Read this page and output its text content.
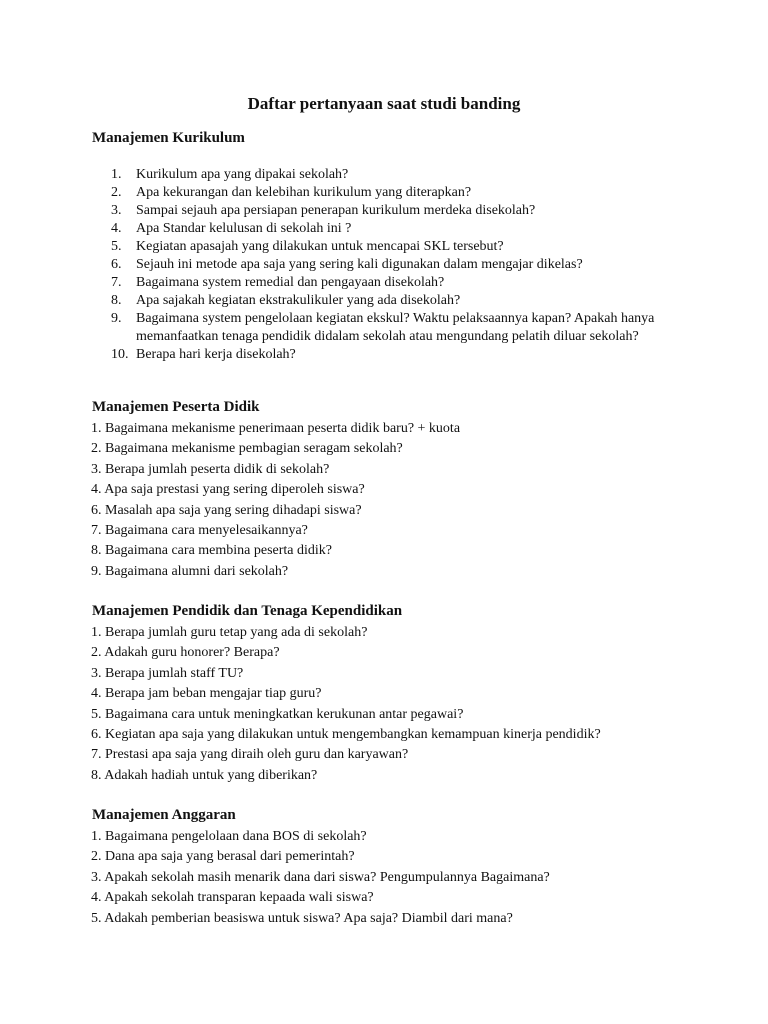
Daftar pertanyaan saat studi banding
Manajemen Kurikulum
1. Kurikulum apa yang dipakai sekolah?
2. Apa kekurangan dan kelebihan kurikulum yang diterapkan?
3. Sampai sejauh apa persiapan penerapan kurikulum merdeka disekolah?
4. Apa Standar kelulusan di sekolah ini ?
5. Kegiatan apasajah yang dilakukan untuk mencapai SKL tersebut?
6. Sejauh ini metode apa saja yang sering kali digunakan dalam mengajar dikelas?
7. Bagaimana system remedial dan pengayaan disekolah?
8. Apa sajakah kegiatan ekstrakulikuler yang ada disekolah?
9. Bagaimana system pengelolaan kegiatan ekskul? Waktu pelaksaannya kapan? Apakah hanya memanfaatkan tenaga pendidik didalam sekolah atau mengundang pelatih diluar sekolah?
10. Berapa hari kerja disekolah?
Manajemen Peserta Didik
1. Bagaimana mekanisme penerimaan peserta didik baru? + kuota
2. Bagaimana mekanisme pembagian seragam sekolah?
3. Berapa jumlah peserta didik di sekolah?
4. Apa saja prestasi yang sering diperoleh siswa?
6. Masalah apa saja yang sering dihadapi siswa?
7. Bagaimana cara menyelesaikannya?
8. Bagaimana cara membina peserta didik?
9. Bagaimana alumni dari sekolah?
Manajemen Pendidik dan Tenaga Kependidikan
1. Berapa jumlah guru tetap yang ada di sekolah?
2. Adakah guru honorer? Berapa?
3. Berapa jumlah staff TU?
4. Berapa jam beban mengajar tiap guru?
5. Bagaimana cara untuk meningkatkan kerukunan antar pegawai?
6. Kegiatan apa saja yang dilakukan untuk mengembangkan kemampuan kinerja pendidik?
7. Prestasi apa saja yang diraih oleh guru dan karyawan?
8. Adakah hadiah untuk yang diberikan?
Manajemen Anggaran
1. Bagaimana pengelolaan dana BOS di sekolah?
2. Dana apa saja yang berasal dari pemerintah?
3. Apakah sekolah masih menarik dana dari siswa? Pengumpulannya Bagaimana?
4. Apakah sekolah transparan kepaada wali siswa?
5. Adakah pemberian beasiswa untuk siswa? Apa saja? Diambil dari mana?
